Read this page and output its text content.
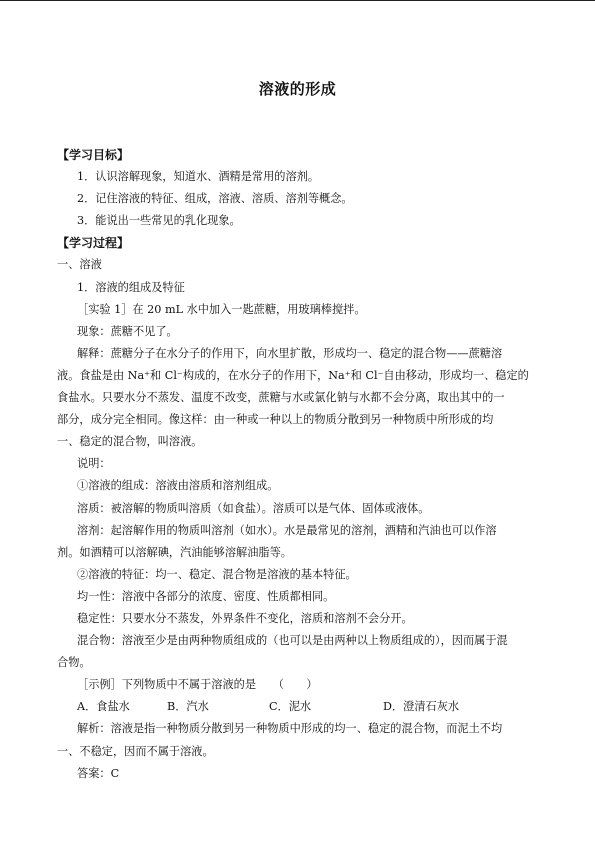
溶液的形成
【学习目标】
1．认识溶解现象，知道水、酒精是常用的溶剂。
2．记住溶液的特征、组成，溶液、溶质、溶剂等概念。
3．能说出一些常见的乳化现象。
【学习过程】
一、溶液
1．溶液的组成及特征
［实验 1］在 20 mL 水中加入一匙蔗糖，用玻璃棒搅拌。
现象：蔗糖不见了。
解释：蔗糖分子在水分子的作用下，向水里扩散，形成均一、稳定的混合物——蔗糖溶
液。食盐是由 Na⁺和 Cl⁻构成的，在水分子的作用下，Na⁺和 Cl⁻自由移动，形成均一、稳定的
食盐水。只要水分不蒸发、温度不改变，蔗糖与水或氯化钠与水都不会分离，取出其中的一
部分，成分完全相同。像这样：由一种或一种以上的物质分散到另一种物质中所形成的均
一、稳定的混合物，叫溶液。
说明：
①溶液的组成：溶液由溶质和溶剂组成。
溶质：被溶解的物质叫溶质（如食盐）。溶质可以是气体、固体或液体。
溶剂：起溶解作用的物质叫溶剂（如水）。水是最常见的溶剂，酒精和汽油也可以作溶
剂。如酒精可以溶解碘，汽油能够溶解油脂等。
②溶液的特征：均一、稳定、混合物是溶液的基本特征。
均一性：溶液中各部分的浓度、密度、性质都相同。
稳定性：只要水分不蒸发，外界条件不变化，溶质和溶剂不会分开。
混合物：溶液至少是由两种物质组成的（也可以是由两种以上物质组成的），因而属于混
合物。
［示例］下列物质中不属于溶液的是　　（　　）
A．食盐水	B．汽水	C．泥水	D．澄清石灰水
解析：溶液是指一种物质分散到另一种物质中形成的均一、稳定的混合物，而泥土不均
一、不稳定，因而不属于溶液。
答案：C
